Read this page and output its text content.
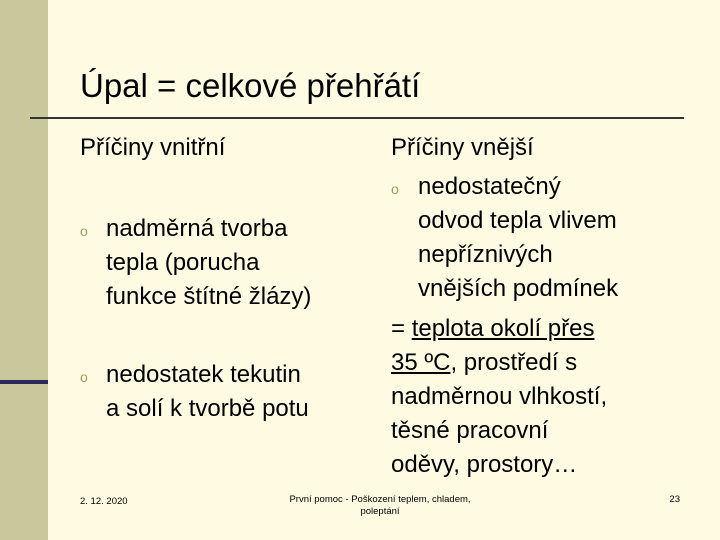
Úpal = celkové přehřátí
Příčiny vnitřní	Příčiny vnější
o nadměrná tvorba
tepla (porucha
funkce štítné žlázy)
o nedostatek tekutin
a solí k tvorbě potu
o nedostatečný
odvod tepla vlivem
nepříznivých
vnějších podmínek
= teplota okolí přes
35 ºC, prostředí s
nadměrnou vlhkostí,
těsné pracovní
oděvy, prostory…
2. 12. 2020	První pomoc - Poškození teplem, chladem,
poleptání
23
